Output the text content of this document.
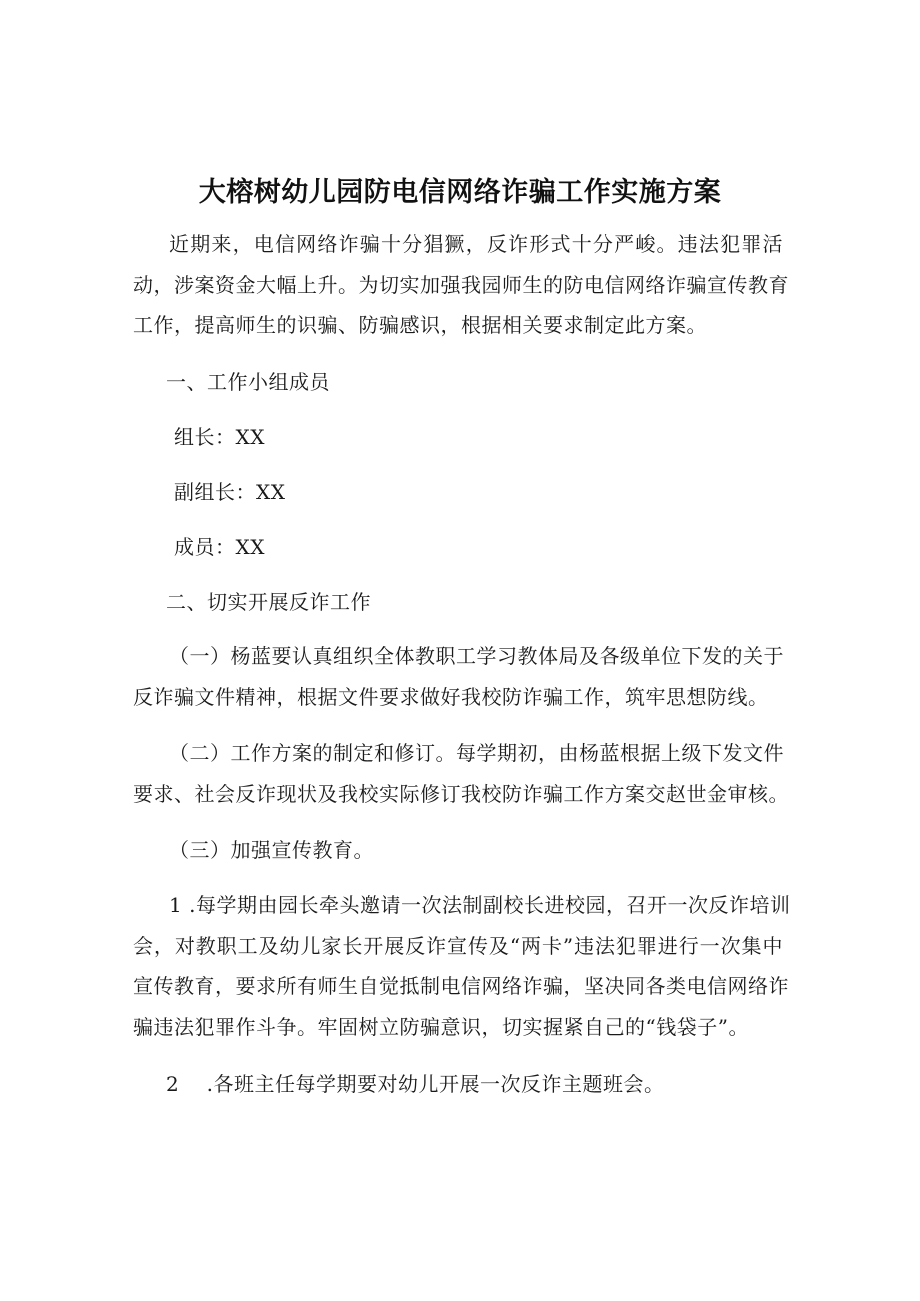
大榕树幼儿园防电信网络诈骗工作实施方案
近期来，电信网络诈骗十分猖獗，反诈形式十分严峻。违法犯罪活
动，涉案资金大幅上升。为切实加强我园师生的防电信网络诈骗宣传教育
工作，提高师生的识骗、防骗感识，根据相关要求制定此方案。
一、工作小组成员
组长：XX
副组长：XX
成员：XX
二、切实开展反诈工作
（一）杨蓝要认真组织全体教职工学习教体局及各级单位下发的关于
反诈骗文件精神，根据文件要求做好我校防诈骗工作，筑牢思想防线。
（二）工作方案的制定和修订。每学期初，由杨蓝根据上级下发文件
要求、社会反诈现状及我校实际修订我校防诈骗工作方案交赵世金审核。
（三）加强宣传教育。
1 .每学期由园长牵头邀请一次法制副校长进校园，召开一次反诈培训
会，对教职工及幼儿家长开展反诈宣传及“两卡”违法犯罪进行一次集中
宣传教育，要求所有师生自觉抵制电信网络诈骗，坚决同各类电信网络诈
骗违法犯罪作斗争。牢固树立防骗意识，切实握紧自己的“钱袋子”。
2　 .各班主任每学期要对幼儿开展一次反诈主题班会。
